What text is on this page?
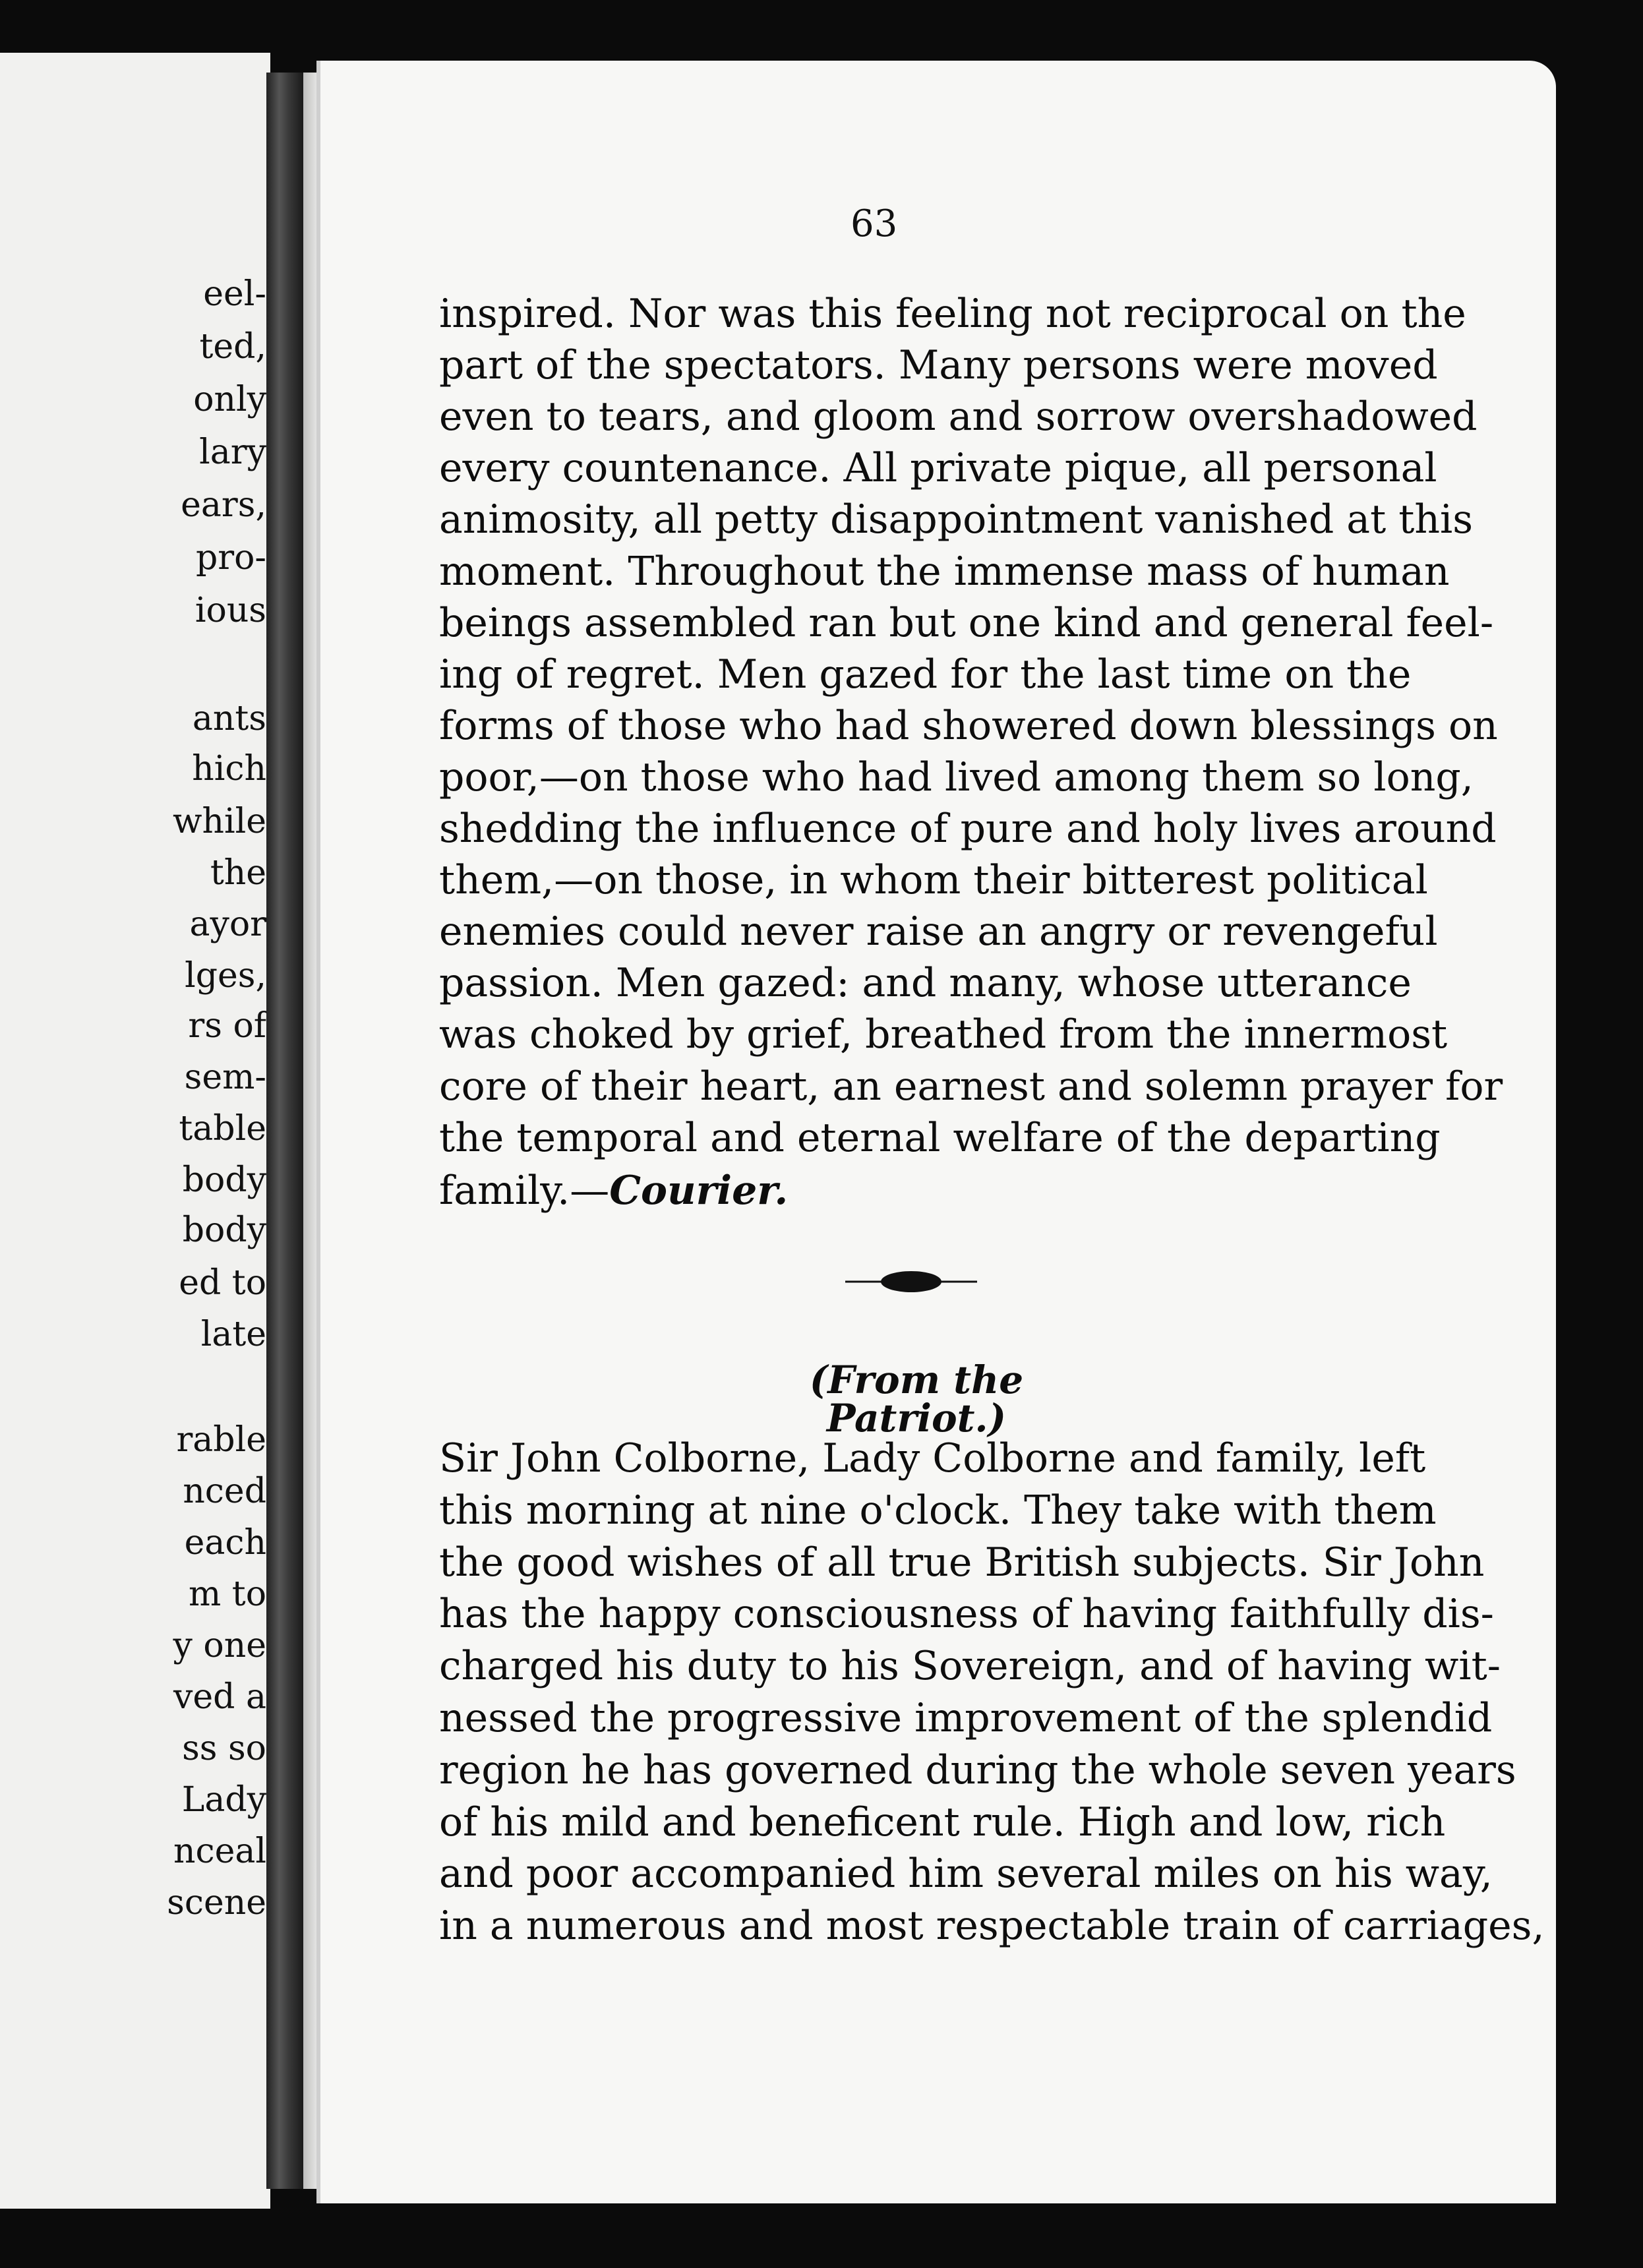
eel-
ted,
only
lary
ears,
pro-
ious
ants
hich
while
the
ayor
lges,
rs of
sem-
table
body
body
ed to
late
rable
nced
each
m to
y one
ved a
ss so
Lady
nceal
scene
63
inspired. Nor was this feeling not reciprocal on the
part of the spectators. Many persons were moved
even to tears, and gloom and sorrow overshadowed
every countenance. All private pique, all personal
animosity, all petty disappointment vanished at this
moment. Throughout the immense mass of human
beings assembled ran but one kind and general feel-
ing of regret. Men gazed for the last time on the
forms of those who had showered down blessings on
poor,—on those who had lived among them so long,
shedding the influence of pure and holy lives around
them,—on those, in whom their bitterest political
enemies could never raise an angry or revengeful
passion. Men gazed: and many, whose utterance
was choked by grief, breathed from the innermost
core of their heart, an earnest and solemn prayer for
the temporal and eternal welfare of the departing
family.—Courier.
(From the Patriot.)
Sir John Colborne, Lady Colborne and family, left
this morning at nine o'clock. They take with them
the good wishes of all true British subjects. Sir John
has the happy consciousness of having faithfully dis-
charged his duty to his Sovereign, and of having wit-
nessed the progressive improvement of the splendid
region he has governed during the whole seven years
of his mild and beneficent rule. High and low, rich
and poor accompanied him several miles on his way,
in a numerous and most respectable train of carriages,
